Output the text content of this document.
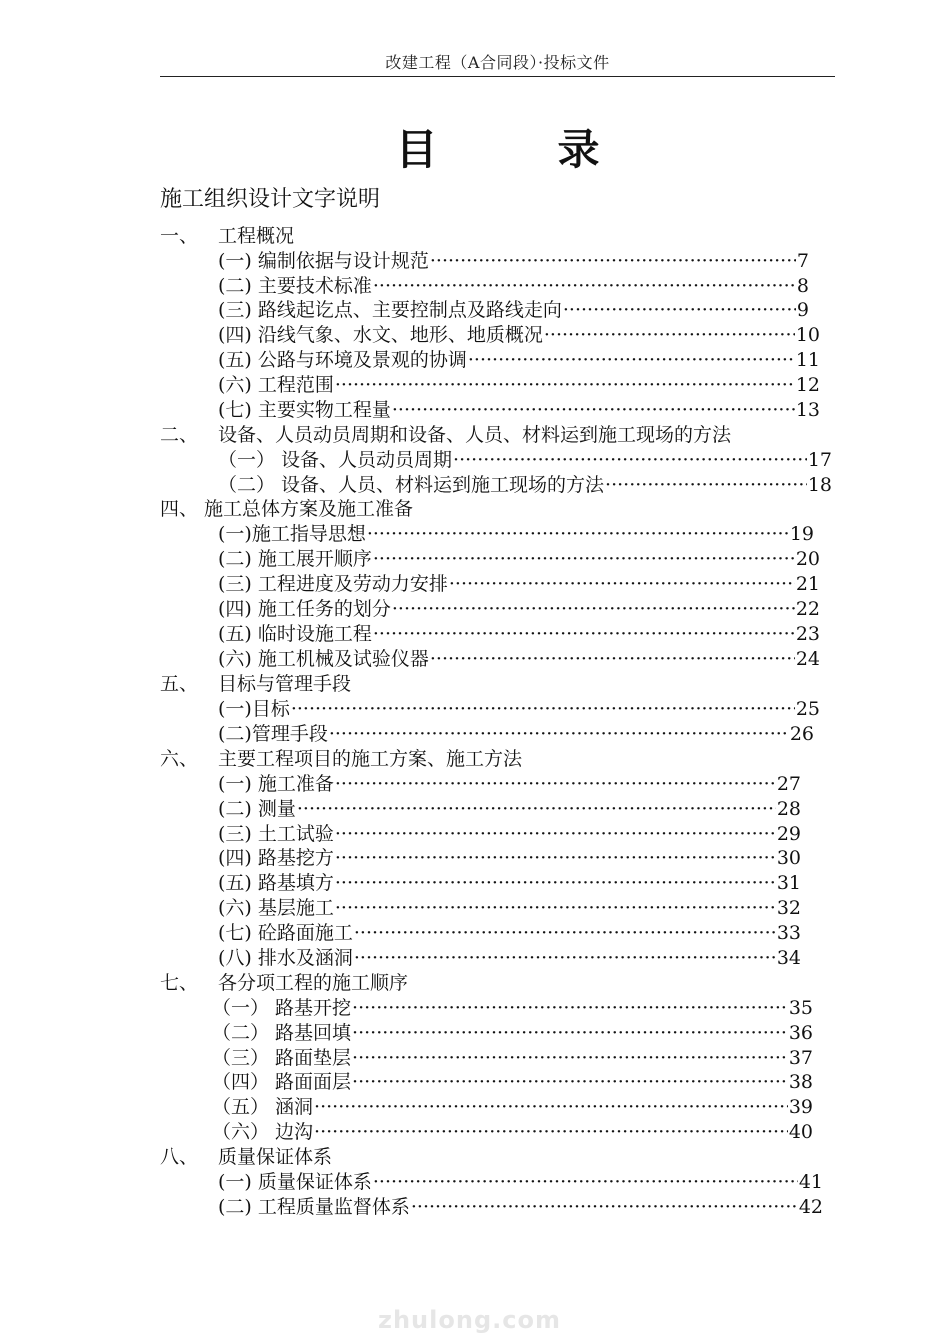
改建工程（A合同段）·投标文件
目	录
施工组织设计文字说明
一、 工程概况
(一) 编制依据与设计规范 ·····	7
(二) 主要技术标准 ·····	8
(三) 路线起讫点、主要控制点及路线走向 ·····	9
(四) 沿线气象、水文、地形、地质概况 ·····	10
(五) 公路与环境及景观的协调 ·····	11
(六) 工程范围 ·····	12
(七) 主要实物工程量 ·····	13
二、 设备、人员动员周期和设备、人员、材料运到施工现场的方法
（一） 设备、人员动员周期 ·····	17
（二） 设备、人员、材料运到施工现场的方法 ·····	18
四、 施工总体方案及施工准备
(一)施工指导思想 ·····	19
(二) 施工展开顺序 ·····	20
(三) 工程进度及劳动力安排 ·····	21
(四) 施工任务的划分 ·····	22
(五) 临时设施工程 ·····	23
(六) 施工机械及试验仪器 ·····	24
五、 目标与管理手段
(一)目标 ·····	25
(二)管理手段 ·····	26
六、 主要工程项目的施工方案、施工方法
(一) 施工准备 ·····	27
(二) 测量 ·····	28
(三) 土工试验 ·····	29
(四) 路基挖方 ·····	30
(五) 路基填方 ·····	31
(六) 基层施工 ·····	32
(七) 砼路面施工 ·····	33
(八) 排水及涵洞 ·····	34
七、 各分项工程的施工顺序
（一） 路基开挖 ·····	35
（二） 路基回填 ·····	36
（三） 路面垫层 ·····	37
（四） 路面面层 ·····	38
（五） 涵洞 ·····	39
（六） 边沟 ·····	40
八、 质量保证体系
(一) 质量保证体系 ·····	41
(二) 工程质量监督体系 ·····	42
zhulong.com
